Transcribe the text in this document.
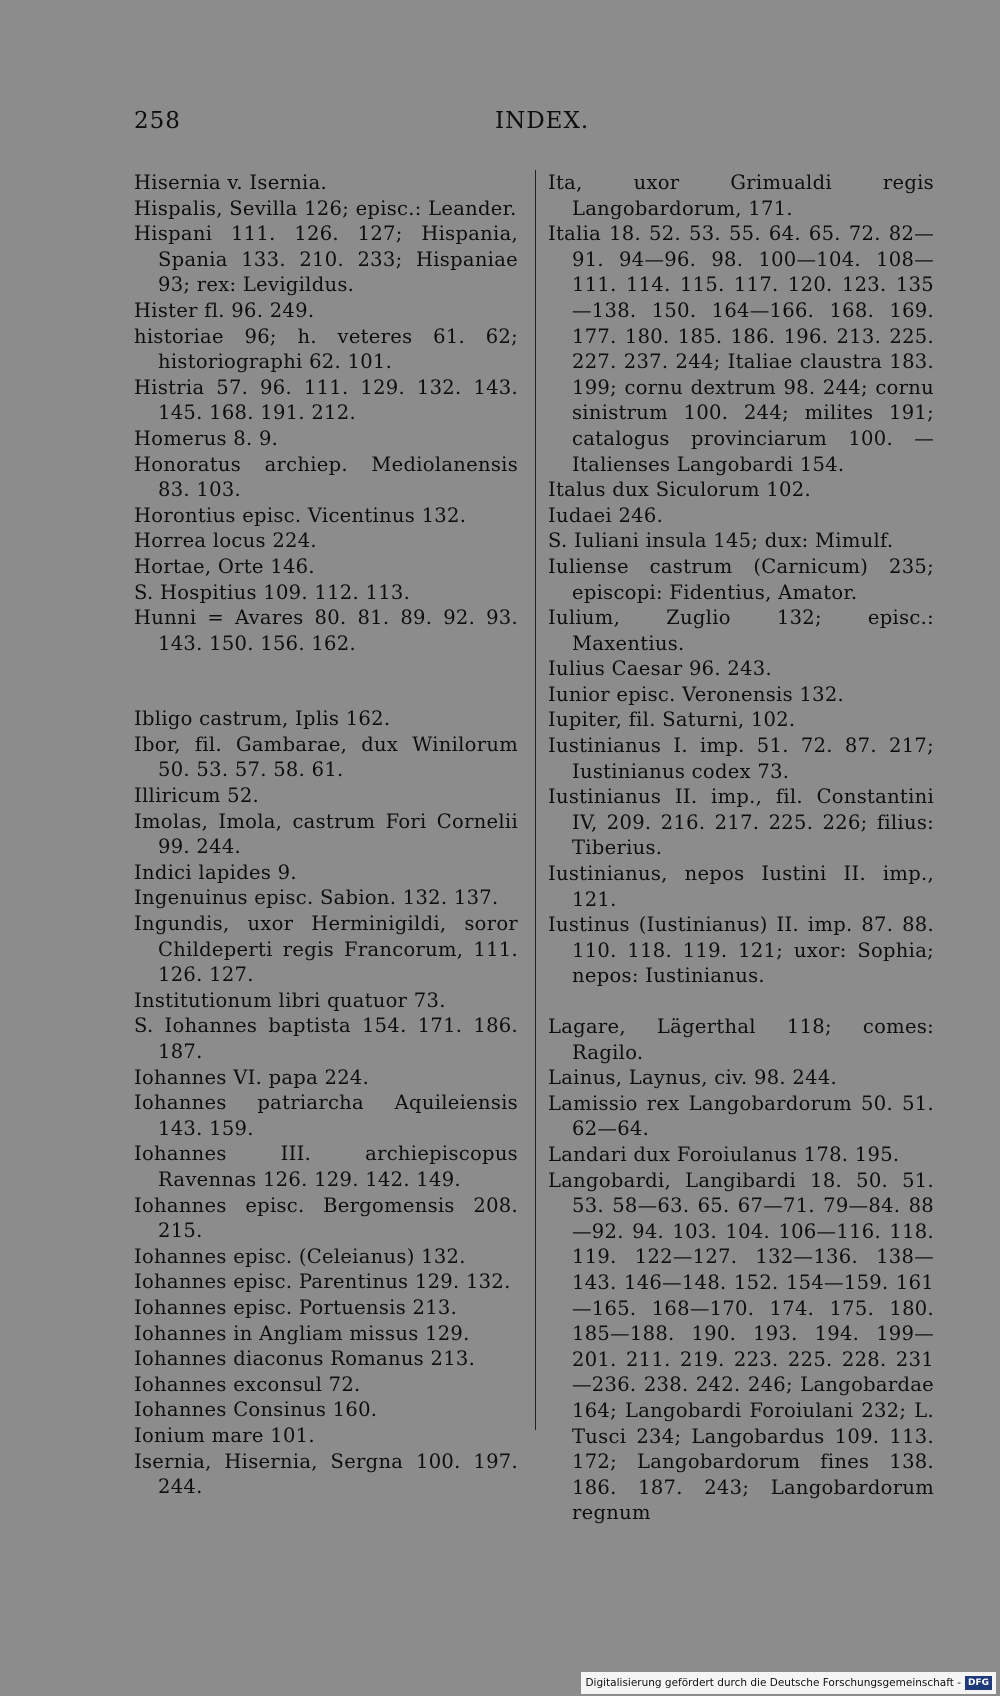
258	INDEX.
Hisernia v. Isernia.
Hispalis, Sevilla 126; episc.: Leander.
Hispani 111. 126. 127; Hispania, Spania 133. 210. 233; Hispaniae 93; rex: Levigildus.
Hister fl. 96. 249.
historiae 96; h. veteres 61. 62; historiographi 62. 101.
Histria 57. 96. 111. 129. 132. 143. 145. 168. 191. 212.
Homerus 8. 9.
Honoratus archiep. Mediolanensis 83. 103.
Horontius episc. Vicentinus 132.
Horrea locus 224.
Hortae, Orte 146.
S. Hospitius 109. 112. 113.
Hunni = Avares 80. 81. 89. 92. 93. 143. 150. 156. 162.
Ibligo castrum, Iplis 162.
Ibor, fil. Gambarae, dux Winilorum 50. 53. 57. 58. 61.
Illiricum 52.
Imolas, Imola, castrum Fori Cornelii 99. 244.
Indici lapides 9.
Ingenuinus episc. Sabion. 132. 137.
Ingundis, uxor Herminigildi, soror Childeperti regis Francorum, 111. 126. 127.
Institutionum libri quatuor 73.
S. Iohannes baptista 154. 171. 186. 187.
Iohannes VI. papa 224.
Iohannes patriarcha Aquileiensis 143. 159.
Iohannes III. archiepiscopus Ravennas 126. 129. 142. 149.
Iohannes episc. Bergomensis 208. 215.
Iohannes episc. (Celeianus) 132.
Iohannes episc. Parentinus 129. 132.
Iohannes episc. Portuensis 213.
Iohannes in Angliam missus 129.
Iohannes diaconus Romanus 213.
Iohannes exconsul 72.
Iohannes Consinus 160.
Ionium mare 101.
Isernia, Hisernia, Sergna 100. 197. 244.
Ita, uxor Grimualdi regis Langobardorum, 171.
Italia 18. 52. 53. 55. 64. 65. 72. 82—91. 94—96. 98. 100—104. 108—111. 114. 115. 117. 120. 123. 135—138. 150. 164—166. 168. 169. 177. 180. 185. 186. 196. 213. 225. 227. 237. 244; Italiae claustra 183. 199; cornu dextrum 98. 244; cornu sinistrum 100. 244; milites 191; catalogus provinciarum 100. — Italienses Langobardi 154.
Italus dux Siculorum 102.
Iudaei 246.
S. Iuliani insula 145; dux: Mimulf.
Iuliense castrum (Carnicum) 235; episcopi: Fidentius, Amator.
Iulium, Zuglio 132; episc.: Maxentius.
Iulius Caesar 96. 243.
Iunior episc. Veronensis 132.
Iupiter, fil. Saturni, 102.
Iustinianus I. imp. 51. 72. 87. 217; Iustinianus codex 73.
Iustinianus II. imp., fil. Constantini IV, 209. 216. 217. 225. 226; filius: Tiberius.
Iustinianus, nepos Iustini II. imp., 121.
Iustinus (Iustinianus) II. imp. 87. 88. 110. 118. 119. 121; uxor: Sophia; nepos: Iustinianus.
Lagare, Lägerthal 118; comes: Ragilo.
Lainus, Laynus, civ. 98. 244.
Lamissio rex Langobardorum 50. 51. 62—64.
Landari dux Foroiulanus 178. 195.
Langobardi, Langibardi 18. 50. 51. 53. 58—63. 65. 67—71. 79—84. 88—92. 94. 103. 104. 106—116. 118. 119. 122—127. 132—136. 138—143. 146—148. 152. 154—159. 161—165. 168—170. 174. 175. 180. 185—188. 190. 193. 194. 199—201. 211. 219. 223. 225. 228. 231—236. 238. 242. 246; Langobardae 164; Langobardi Foroiulani 232; L. Tusci 234; Langobardus 109. 113. 172; Langobardorum fines 138. 186. 187. 243; Langobardorum regnum
Digitalisierung gefördert durch die Deutsche Forschungsgemeinschaft - DFG
